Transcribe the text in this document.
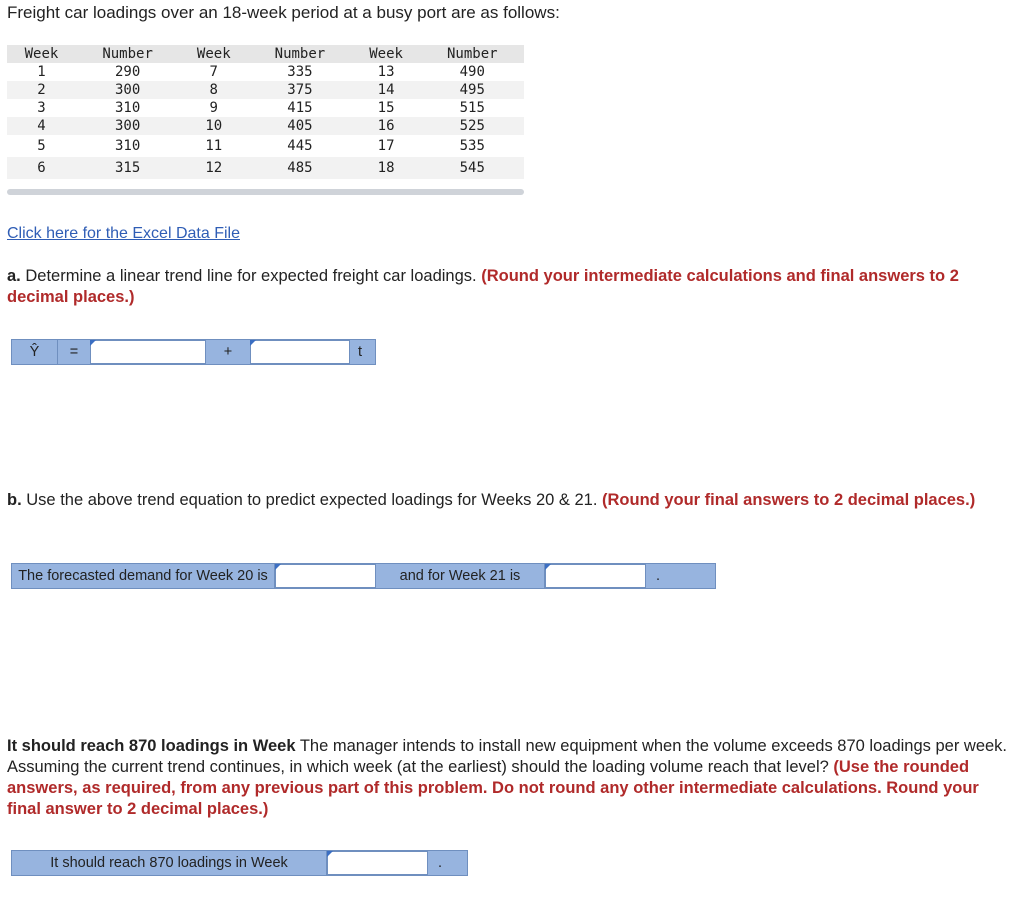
Freight car loadings over an 18-week period at a busy port are as follows:
Week	Number	Week	Number	Week	Number
1	290	7	335	13	490
2	300	8	375	14	495
3	310	9	415	15	515
4	300	10	405	16	525
5	310	11	445	17	535
6	315	12	485	18	545
Click here for the Excel Data File
a. Determine a linear trend line for expected freight car loadings. (Round your intermediate calculations and final answers to 2 decimal places.)
Ŷ	=	+	t
b. Use the above trend equation to predict expected loadings for Weeks 20 & 21. (Round your final answers to 2 decimal places.)
The forecasted demand for Week 20 is	and for Week 21 is	.
It should reach 870 loadings in Week The manager intends to install new equipment when the volume exceeds 870 loadings per week. Assuming the current trend continues, in which week (at the earliest) should the loading volume reach that level? (Use the rounded answers, as required, from any previous part of this problem. Do not round any other intermediate calculations. Round your final answer to 2 decimal places.)
It should reach 870 loadings in Week	.
